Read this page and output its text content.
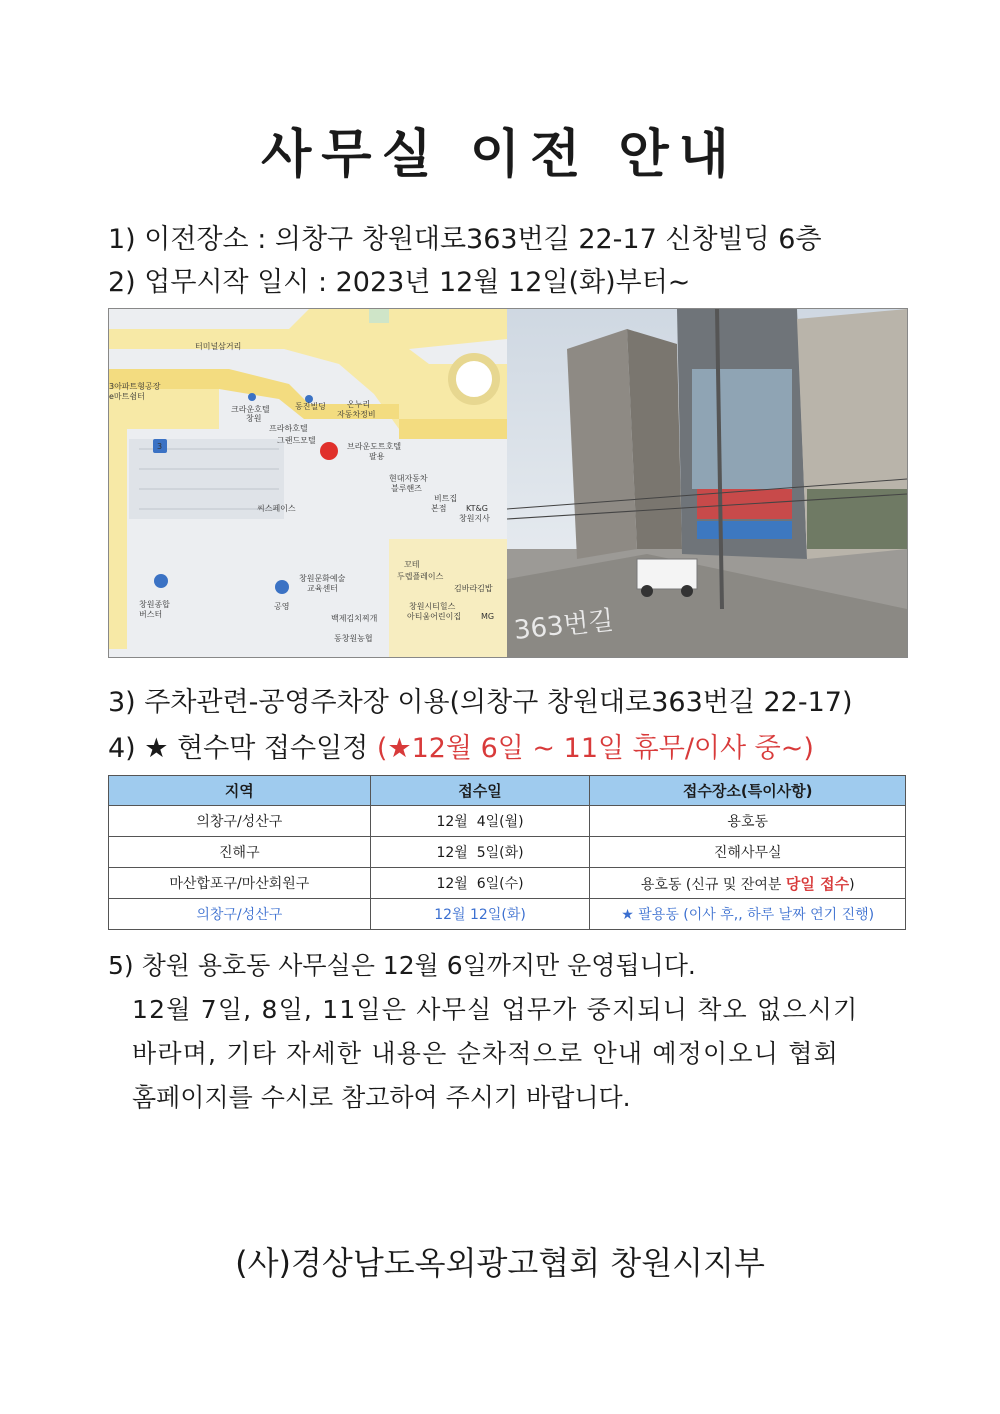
사무실 이전 안내
1) 이전장소 : 의창구 창원대로363번길 22-17 신창빌딩 6층
2) 업무시작 일시 : 2023년 12월 12일(화)부터~
터미널삼거리
3아파트형공장
e마트쉼터
크라운호텔
창원
동진빌딩	온누리
자동차정비
프라하호텔
그랜드모텔
브라운도트호텔
팔용
현대자동차
블루핸즈
비트집
본점 KT&G
창원지사
씨스페이스
3
꼬테
두렙플레이스
김바라김밥
창원문화예술
교육센터
창원종합
버스터
공영
백제김치찌개
창원시티힐스
아티움어린이집 MG
동창원농협	363번길
3) 주차관련-공영주차장 이용(의창구 창원대로363번길 22-17)
4) ★ 현수막 접수일정 (★12월 6일 ~ 11일 휴무/이사 중~)
지역	접수일	접수장소(특이사항)
의창구/성산구	12월  4일(월)	용호동
진해구	12월  5일(화)	진해사무실
마산합포구/마산회원구	12월  6일(수)	용호동 (신규 및 잔여분 당일 접수)
의창구/성산구	12월 12일(화)	★ 팔용동 (이사 후,, 하루 날짜 연기 진행)
5) 창원 용호동 사무실은 12월 6일까지만 운영됩니다.
12월 7일, 8일, 11일은 사무실 업무가 중지되니 착오 없으시기
바라며, 기타 자세한 내용은 순차적으로 안내 예정이오니 협회
홈페이지를 수시로 참고하여 주시기 바랍니다.
(사)경상남도옥외광고협회 창원시지부
